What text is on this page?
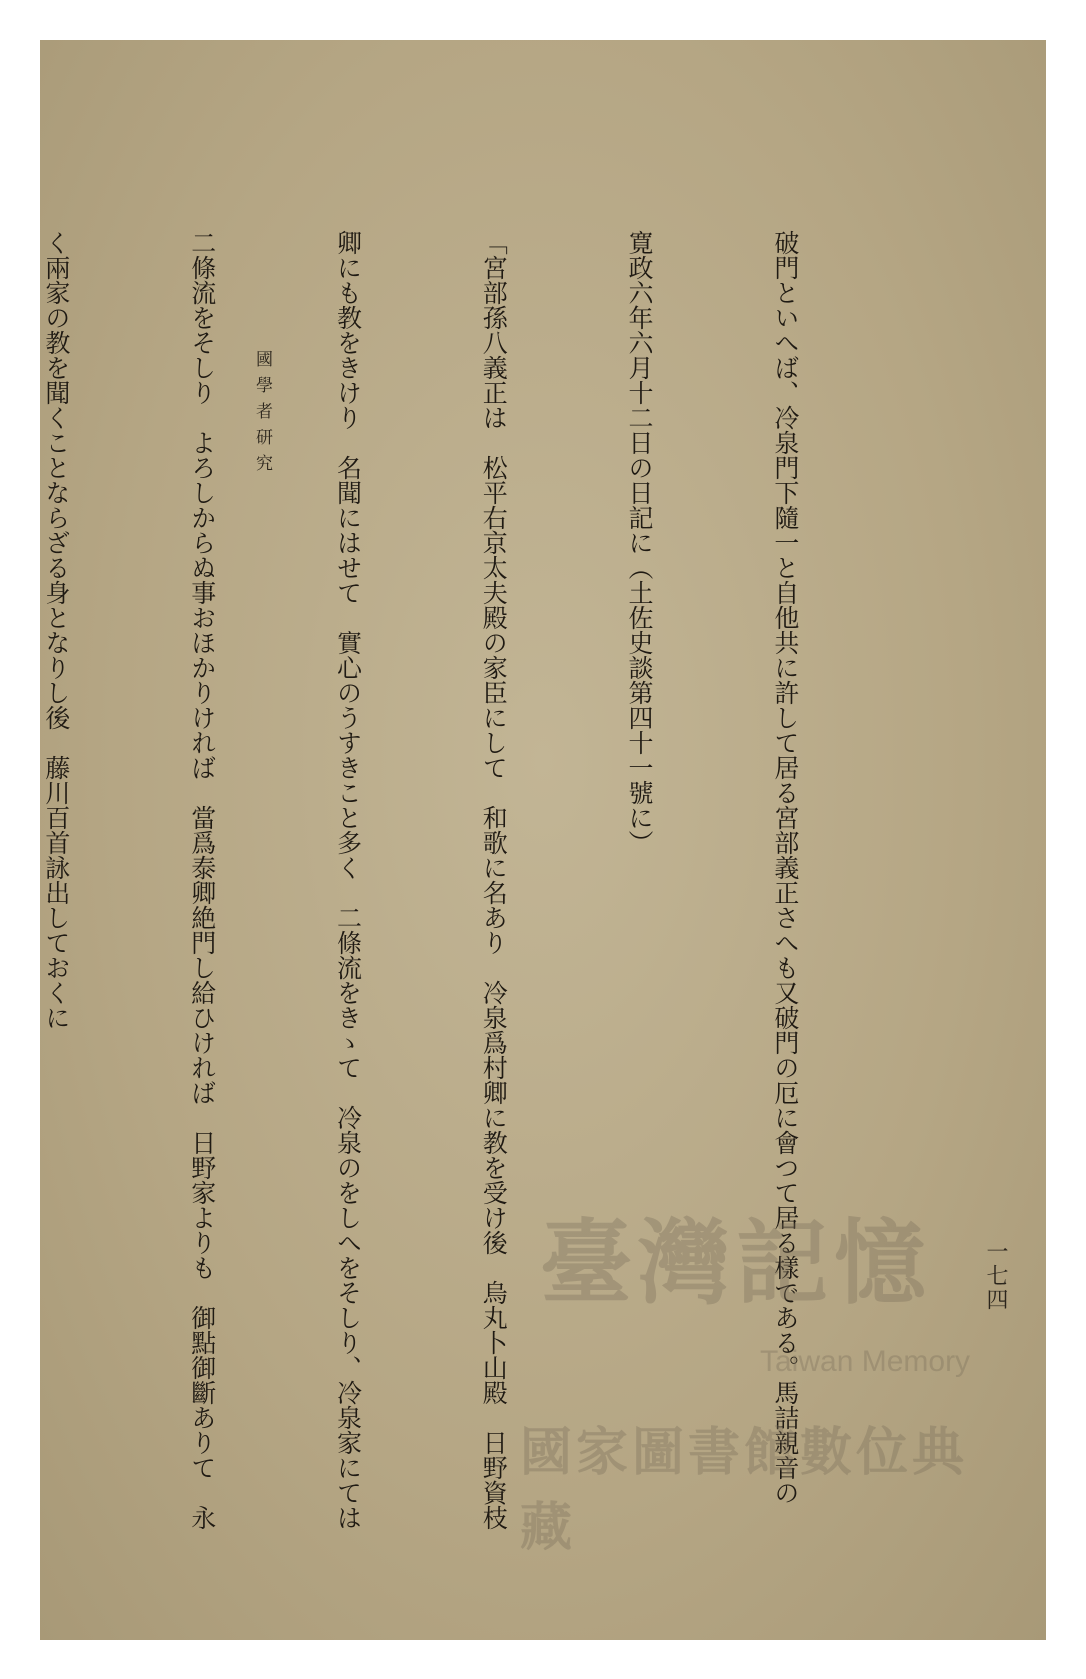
國學者研究
一七四

破門といへば、冷泉門下隨一と自他共に許して居る宮部義正さへも又破門の厄に會つて居る樣である。馬詰親音の

寛政六年六月十二日の日記に（土佐史談第四十一號に）

「宮部孫八義正は　松平右京太夫殿の家臣にして　和歌に名あり　冷泉爲村卿に教を受け後　烏丸卜山殿　日野資枝

卿にも教をきけり　名聞にはせて　實心のうすきこと多く　二條流をきゝて　冷泉のをしへをそしり、冷泉家にては

二條流をそしり　よろしからぬ事おほかりければ　當爲泰卿絶門し給ひければ　日野家よりも　御點御斷ありて　永

く兩家の教を聞くことならざる身となりし後　藤川百首詠出しておくに

臺灣記憶
Taiwan Memory
國家圖書館數位典藏
